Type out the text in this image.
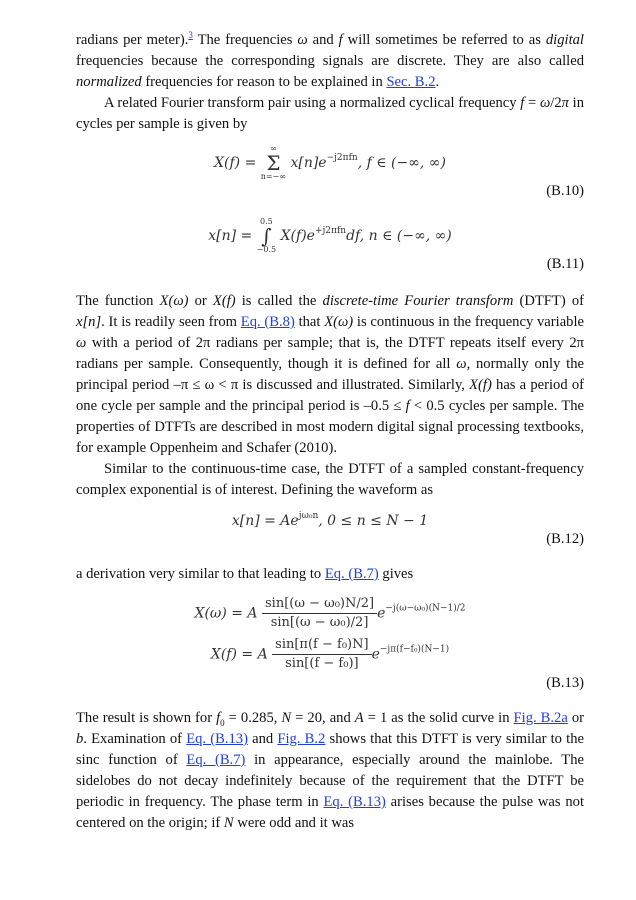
radians per meter).$^3$ The frequencies ω and f will sometimes be referred to as digital frequencies because the corresponding signals are discrete. They are also called normalized frequencies for reason to be explained in Sec. B.2.

A related Fourier transform pair using a normalized cyclical frequency f = ω/2π in cycles per sample is given by

X(f) =
∞
Σ
n=−∞
$x[n]e^{-j2\pi fn}$, f ∈ (−∞, ∞)
(B.10)
x[n] =
0.5
∫
−0.5
$X(f)e^{+j2\pi fn}df$, n ∈ (−∞, ∞)
(B.11)

The function X(ω) or X(f) is called the discrete-time Fourier transform (DTFT) of x[n]. It is readily seen from Eq. (B.8) that X(ω) is continuous in the frequency variable ω with a period of 2π radians per sample; that is, the DTFT repeats itself every 2π radians per sample. Consequently, though it is defined for all ω, normally only the principal period –π ≤ ω < π is discussed and illustrated. Similarly, X(f) has a period of one cycle per sample and the principal period is –0.5 ≤ f < 0.5 cycles per sample. The properties of DTFTs are described in most modern digital signal processing textbooks, for example Oppenheim and Schafer (2010).

Similar to the continuous-time case, the DTFT of a sampled constant-frequency complex exponential is of interest. Defining the waveform as

$x[n] = Ae^{j\omega_0n}$, 0 ≤ n ≤ N − 1
(B.12)

a derivation very similar to that leading to Eq. (B.7) gives

X(ω) = A $\frac{\text{sin[(ω − ω₀)N/2]}}{\text{sin[(ω − ω₀)/2]}} e^{-j(\omega-\omega_0)(N-1)/2}$
X(f) = A $\frac{\text{sin[π(f − f₀)N]}}{\text{sin[(f − f₀)]}} e^{-j\pi(f-f_0)(N-1)}$
(B.13)

The result is shown for $f_0 = 0.285$, N = 20, and A = 1 as the solid curve in Fig. B.2a or b. Examination of Eq. (B.13) and Fig. B.2 shows that this DTFT is very similar to the sinc function of Eq. (B.7) in appearance, especially around the mainlobe. The sidelobes do not decay indefinitely because of the requirement that the DTFT be periodic in frequency. The phase term in Eq. (B.13) arises because the pulse was not centered on the origin; if N were odd and it was
